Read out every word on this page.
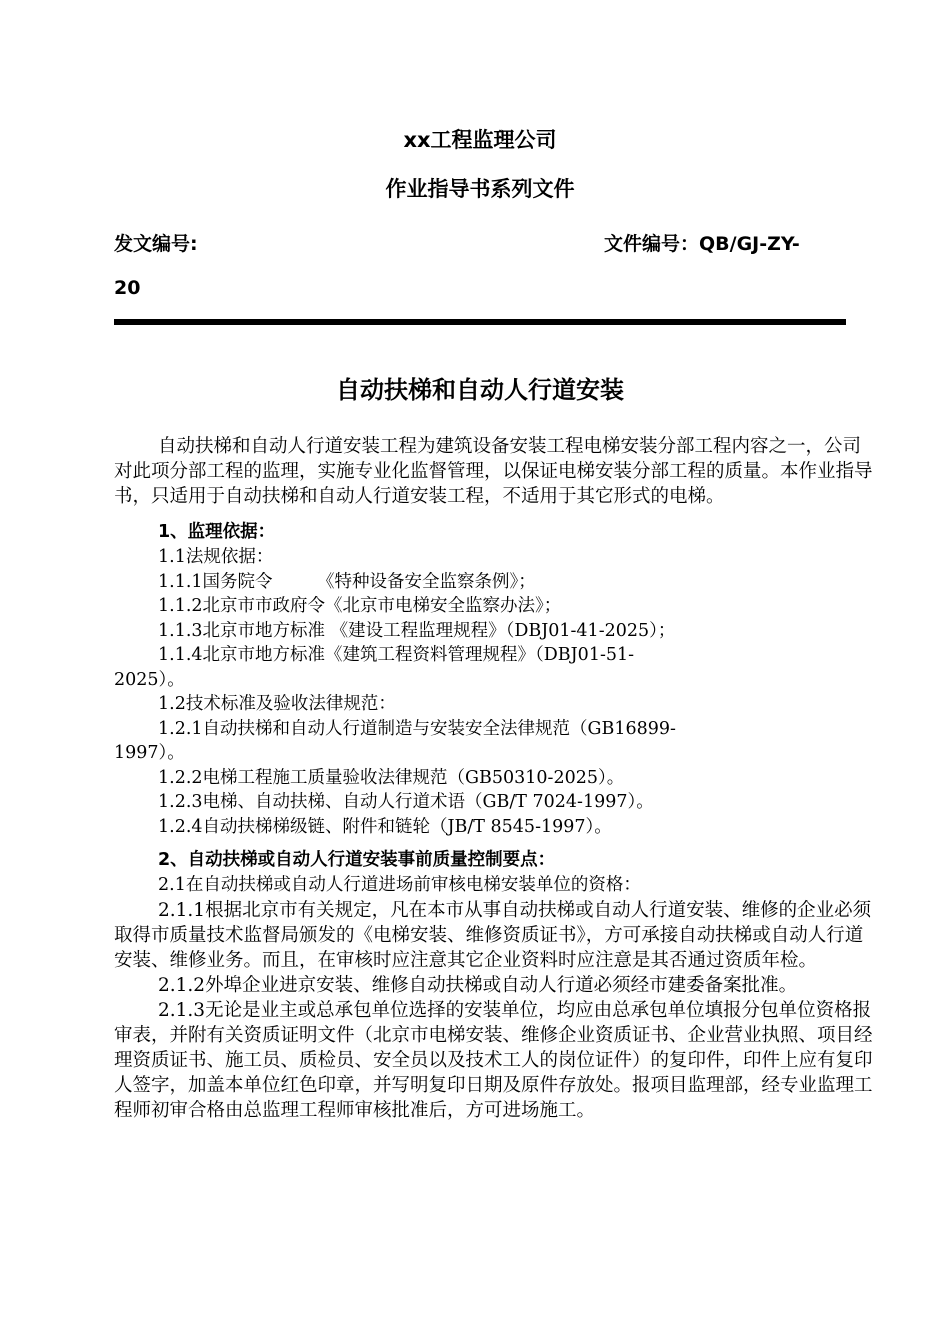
xx工程监理公司
作业指导书系列文件
发文编号:	文件编号：QB/GJ-ZY-
20
自动扶梯和自动人行道安装

自动扶梯和自动人行道安装工程为建筑设备安装工程电梯安装分部工程内容之一，公司对此项分部工程的监理，实施专业化监督管理，以保证电梯安装分部工程的质量。本作业指导书，只适用于自动扶梯和自动人行道安装工程，不适用于其它形式的电梯。

1、监理依据：
1.1法规依据：
1.1.1国务院令        《特种设备安全监察条例》；
1.1.2北京市市政府令《北京市电梯安全监察办法》；
1.1.3北京市地方标准 《建设工程监理规程》（DBJ01-41-2025）；
1.1.4北京市地方标准《建筑工程资料管理规程》（DBJ01-51-
2025）。
1.2技术标准及验收法律规范：
1.2.1自动扶梯和自动人行道制造与安装安全法律规范（GB16899-
1997）。
1.2.2电梯工程施工质量验收法律规范（GB50310-2025）。
1.2.3电梯、自动扶梯、自动人行道术语（GB/T 7024-1997）。
1.2.4自动扶梯梯级链、附件和链轮（JB/T 8545-1997）。
2、自动扶梯或自动人行道安装事前质量控制要点：
2.1在自动扶梯或自动人行道进场前审核电梯安装单位的资格：

2.1.1根据北京市有关规定，凡在本市从事自动扶梯或自动人行道安装、维修的企业必须取得市质量技术监督局颁发的《电梯安装、维修资质证书》，方可承接自动扶梯或自动人行道安装、维修业务。而且，在审核时应注意其它企业资料时应注意是其否通过资质年检。

2.1.2外埠企业进京安装、维修自动扶梯或自动人行道必须经市建委备案批准。

2.1.3无论是业主或总承包单位选择的安装单位，均应由总承包单位填报分包单位资格报审表，并附有关资质证明文件（北京市电梯安装、维修企业资质证书、企业营业执照、项目经理资质证书、施工员、质检员、安全员以及技术工人的岗位证件）的复印件，印件上应有复印人签字，加盖本单位红色印章，并写明复印日期及原件存放处。报项目监理部，经专业监理工程师初审合格由总监理工程师审核批准后，方可进场施工。
